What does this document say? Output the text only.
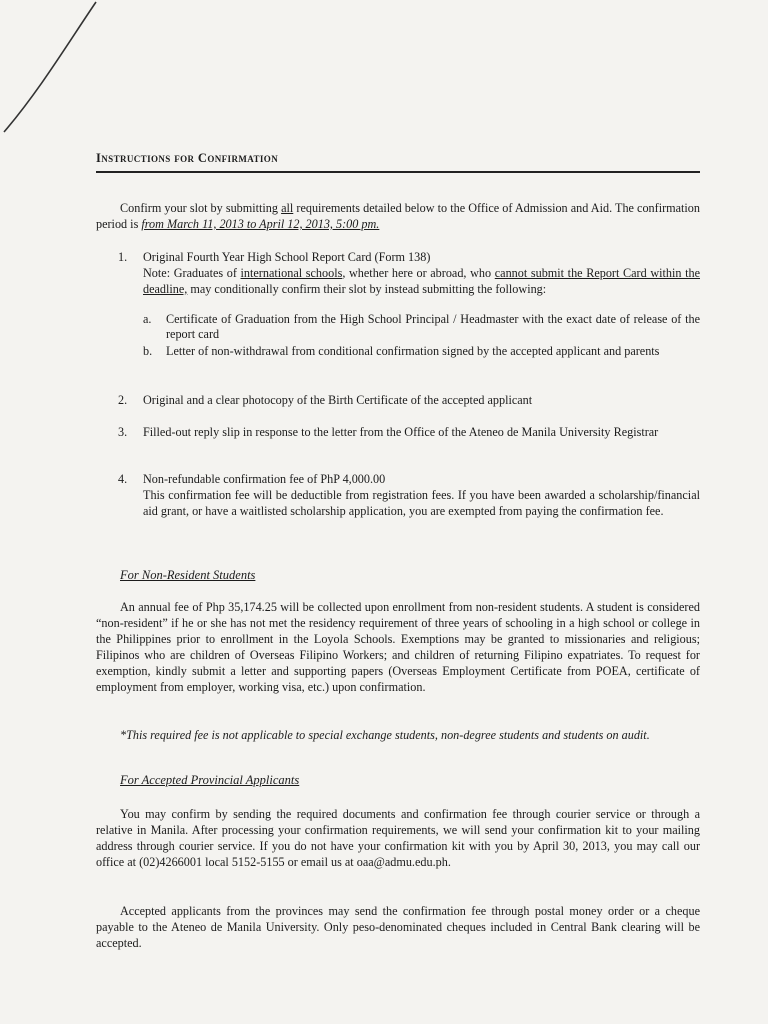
Instructions for Confirmation
Confirm your slot by submitting all requirements detailed below to the Office of Admission and Aid. The confirmation period is from March 11, 2013 to April 12, 2013, 5:00 pm.
1.	Original Fourth Year High School Report Card (Form 138)
Note: Graduates of international schools, whether here or abroad, who cannot submit the Report Card within the deadline, may conditionally confirm their slot by instead submitting the following:
a. Certificate of Graduation from the High School Principal / Headmaster with the exact date of release of the report card
b. Letter of non-withdrawal from conditional confirmation signed by the accepted applicant and parents
2.	Original and a clear photocopy of the Birth Certificate of the accepted applicant
3.	Filled-out reply slip in response to the letter from the Office of the Ateneo de Manila University Registrar
4.	Non-refundable confirmation fee of PhP 4,000.00
This confirmation fee will be deductible from registration fees. If you have been awarded a scholarship/financial aid grant, or have a waitlisted scholarship application, you are exempted from paying the confirmation fee.
For Non-Resident Students
An annual fee of Php 35,174.25 will be collected upon enrollment from non-resident students. A student is considered “non-resident” if he or she has not met the residency requirement of three years of schooling in a high school or college in the Philippines prior to enrollment in the Loyola Schools. Exemptions may be granted to missionaries and religious; Filipinos who are children of Overseas Filipino Workers; and children of returning Filipino expatriates. To request for exemption, kindly submit a letter and supporting papers (Overseas Employment Certificate from POEA, certificate of employment from employer, working visa, etc.) upon confirmation.
*This required fee is not applicable to special exchange students, non-degree students and students on audit.
For Accepted Provincial Applicants
You may confirm by sending the required documents and confirmation fee through courier service or through a relative in Manila. After processing your confirmation requirements, we will send your confirmation kit to your mailing address through courier service. If you do not have your confirmation kit with you by April 30, 2013, you may call our office at (02)4266001 local 5152-5155 or email us at oaa@admu.edu.ph.
Accepted applicants from the provinces may send the confirmation fee through postal money order or a cheque payable to the Ateneo de Manila University. Only peso-denominated cheques included in Central Bank clearing will be accepted.
